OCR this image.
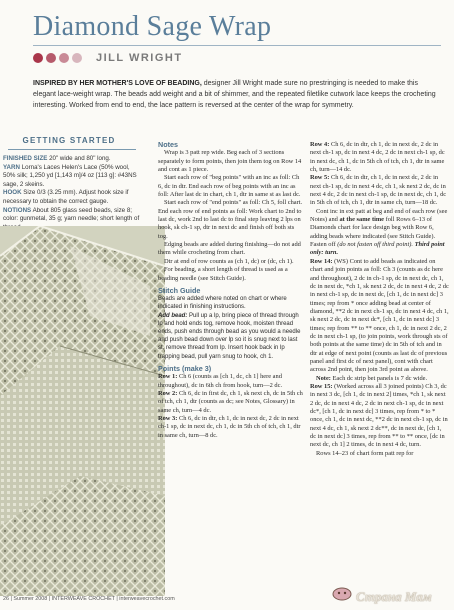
Diamond Sage Wrap
JILL WRIGHT
INSPIRED BY HER MOTHER'S LOVE OF BEADING, designer Jill Wright made sure no prestringing is needed to make this elegant lace-weight wrap. The beads add weight and a bit of shimmer, and the repeated filetlike cutwork lace keeps the crocheting interesting. Worked from end to end, the lace pattern is reversed at the center of the wrap for symmetry.
GETTING STARTED

FINISHED SIZE 20" wide and 80" long.

YARN Lorna's Laces Helen's Lace (50% wool, 50% silk; 1,250 yd [1,143 m]/4 oz [113 g]: #43NS sage, 2 skeins.

HOOK Size 0/3 (3.25 mm). Adjust hook size if necessary to obtain the correct gauge.

NOTIONS About 805 glass seed beads, size 8; color: gunmetal, 35 g; yarn needle; short length of

Notes

Wrap is 3 patt rep wide. Beg each of 3 sections separately to form points, then join them tog on Row 14 and cont as 1 piece.

Start each row of "beg points" with an inc as foll: Ch 6, dc in dtr. End each row of beg points with an inc as foll: After last dc in chart, ch 1, dtr in same st as last dc.

Start each row of "end points" as foll: Ch 5, foll chart. End each row of end points as foll: Work chart to 2nd to last dc, work 2nd to last dc to final step leaving 2 lps on hook, sk ch-1 sp, dtr in next dc and finish off both sts tog.

Edging beads are added during finishing—do not add them while crocheting from chart.

Dtr at end of row counts as (ch 1, dc) or (dc, ch 1).

For beading, a short length of thread is used as a beading needle (see Stitch Guide).

Stitch Guide

Beads are added where noted on chart or where indicated in finishing instructions.

Add bead: Pull up a lp, bring piece of thread through lp and hold ends tog, remove hook, moisten thread ends, push ends through bead as you would a needle and push bead down over lp so it is snug next to last st, remove thread from lp. Insert hook back in lp trapping bead, pull yarn snug to hook, ch 1.

Points (make 3)

Row 1: Ch 6 (counts as [ch 1, dc, ch 1] here and throughout), dc in 6th ch from hook, turn—2 dc.

Row 2: Ch 6, dc in first dc, ch 1, sk next ch, dc in 5th ch of tch, ch 1, dtr (counts as dc; see Notes, Glossary) in same ch, turn—4 dc.

Row 3: Ch 6, dc in dtr, ch 1, dc in next dc, 2 dc in next ch-1 sp, dc in next dc, ch 1, dc in 5th ch of tch, ch 1, dtr in same ch, turn—8 dc.

Row 4: Ch 6, dc in dtr, ch 1, dc in next dc, 2 dc in next ch-1 sp, dc in next 4 dc, 2 dc in next ch-1 sp, dc in next dc, ch 1, dc in 5th ch of tch, ch 1, dtr in same ch, turn—14 dc.

Row 5: Ch 6, dc in dtr, ch 1, dc in next dc, 2 dc in next ch-1 sp, dc in next 4 dc, ch 1, sk next 2 dc, dc in next 4 dc, 2 dc in next ch-1 sp, dc in next dc, ch 1, dc in 5th ch of tch, ch 1, dtr in same ch, turn—18 dc.

Cont inc in ext patt at beg and end of each row (see Notes) and at the same time foll Rows 6–13 of Diamonds chart for lace design beg with Row 6, adding beads where indicated (see Stitch Guide). Fasten off (do not fasten off third point). Third point only: turn.

Row 14: (WS) Cont to add beads as indicated on chart and join points as foll: Ch 3 (counts as dc here and throughout), 2 dc in ch-1 sp, dc in next dc, ch 1, dc in next dc, *ch 1, sk next 2 dc, dc in next 4 dc, 2 dc in next ch-1 sp, dc in next dc, [ch 1, dc in next dc] 3 times; rep from * once adding bead at center of diamond, **2 dc in next ch-1 sp, dc in next 4 dc, ch 1, sk next 2 dc, dc in next dc*, [ch 1, dc in next dc] 3 times; rep from ** to ** once, ch 1, dc in next 2 dc, 2 dc in next ch-1 sp, (to join points, work through sts of both points at the same time) dc in 5th of tch and in dtr at edge of next point (counts as last dc of previous panel and first dc of next panel), cont with chart across 2nd point, then join 3rd point as above.

Note: Each dc strip bet panels is 7 dc wide.

Row 15: (Worked across all 3 joined points) Ch 3, dc in next 3 dc, [ch 1, dc in next 2] times, *ch 1, sk next 2 dc, dc in next 4 dc, 2 dc in next ch-1 sp, dc in next dc*, [ch 1, dc in next dc] 3 times, rep from * to * once, ch 1, dc in next dc, **2 dc in next ch-1 sp, dc in next 4 dc, ch 1, sk next 2 dc**, dc in next dc, [ch 1, dc in next dc] 3 times, rep from ** to ** once, [dc in next dc, ch 1] 2 times, dc in next 4 dc, turn.

Rows 14–23 of chart form patt rep for

26 | Summer 2008 | INTERWEAVE CROCHET | interweavecrochet.com	Страна Мам
